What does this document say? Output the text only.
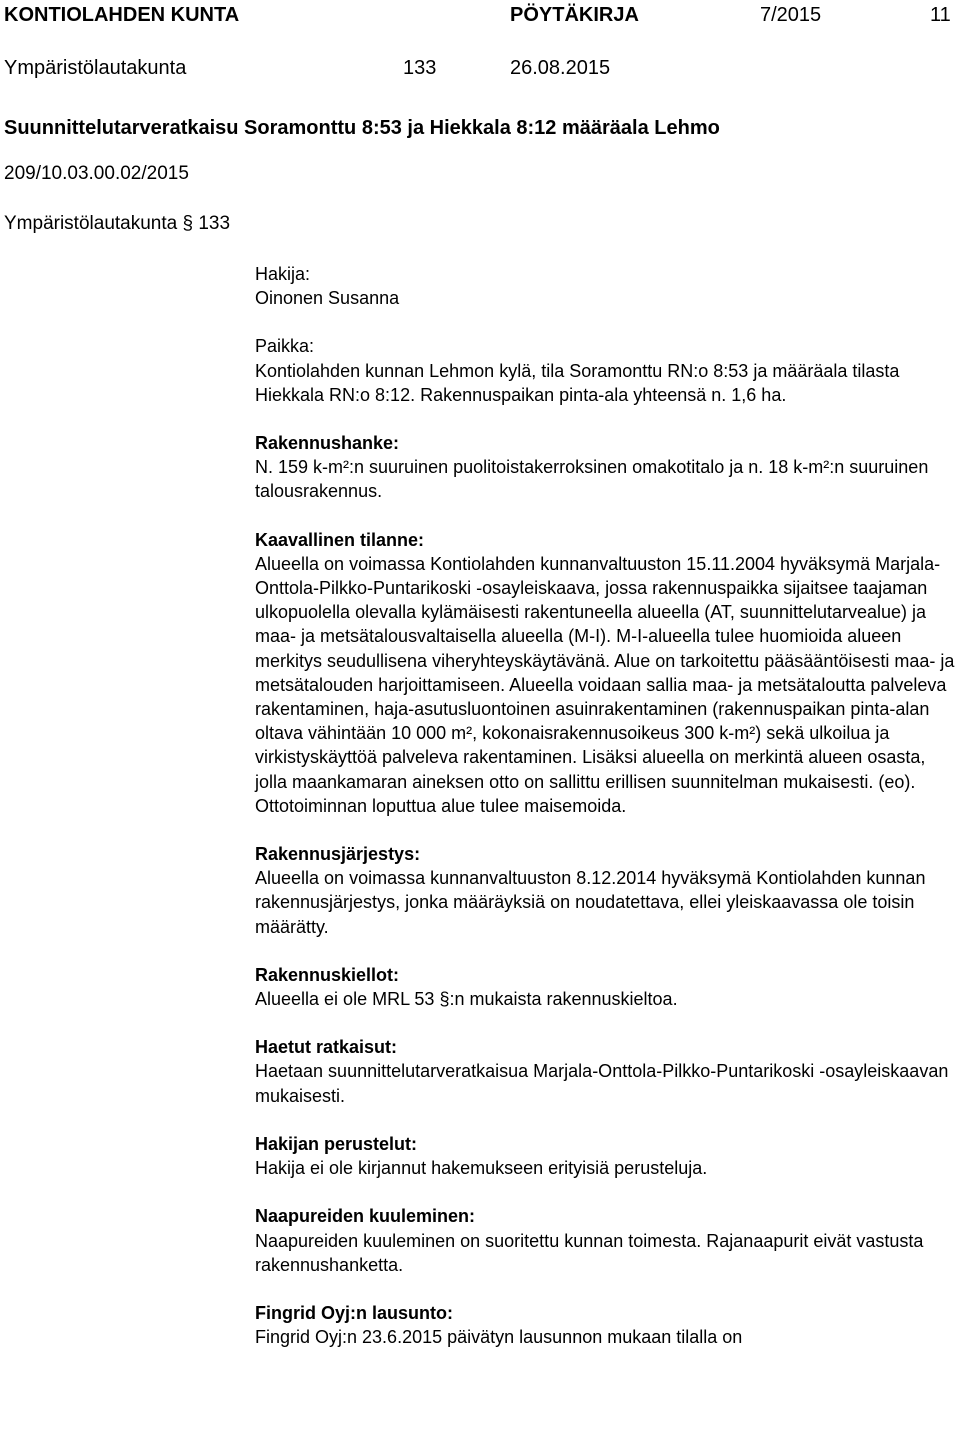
KONTIOLAHDEN KUNTA	PÖYTÄKIRJA	7/2015	11
Ympäristölautakunta	133	26.08.2015
Suunnittelutarveratkaisu Soramonttu 8:53 ja Hiekkala 8:12 määräala Lehmo
209/10.03.00.02/2015
Ympäristölautakunta § 133
Hakija:

Oinonen Susanna

Paikka:

Kontiolahden kunnan Lehmon kylä, tila Soramonttu RN:o 8:53 ja määräala tilasta Hiekkala RN:o 8:12. Rakennuspaikan pinta-ala yhteensä n. 1,6 ha.

Rakennushanke:

N. 159 k-m²:n suuruinen puolitoistakerroksinen omakotitalo ja n. 18 k-m²:n suuruinen talousrakennus.

Kaavallinen tilanne:

Alueella on voimassa Kontiolahden kunnanvaltuuston 15.11.2004 hyväksymä Marjala-Onttola-Pilkko-Puntarikoski -osayleiskaava, jossa rakennuspaikka sijaitsee taajaman ulkopuolella olevalla kylämäisesti rakentuneella alueella (AT, suunnittelutarvealue) ja maa- ja metsätalousvaltaisella alueella (M-I). M-I-alueella tulee huomioida alueen merkitys seudullisena viheryhteyskäytävänä. Alue on tarkoitettu pääsääntöisesti maa- ja metsätalouden harjoittamiseen. Alueella voidaan sallia maa- ja metsätaloutta palveleva rakentaminen, haja-asutusluontoinen asuinrakentaminen (rakennuspaikan pinta-alan oltava vähintään 10 000 m², kokonaisrakennusoikeus 300 k-m²) sekä ulkoilua ja virkistyskäyttöä palveleva rakentaminen. Lisäksi alueella on merkintä alueen osasta, jolla maankamaran aineksen otto on sallittu erillisen suunnitelman mukaisesti. (eo). Ottotoiminnan loputtua alue tulee maisemoida.

Rakennusjärjestys:

Alueella on voimassa kunnanvaltuuston 8.12.2014 hyväksymä Kontiolahden kunnan rakennusjärjestys, jonka määräyksiä on noudatettava, ellei yleiskaavassa ole toisin määrätty.

Rakennuskiellot:

Alueella ei ole MRL 53 §:n mukaista rakennuskieltoa.

Haetut ratkaisut:

Haetaan suunnittelutarveratkaisua Marjala-Onttola-Pilkko-Puntarikoski -osayleiskaavan mukaisesti.

Hakijan perustelut:

Hakija ei ole kirjannut hakemukseen erityisiä perusteluja.

Naapureiden kuuleminen:

Naapureiden kuuleminen on suoritettu kunnan toimesta. Rajanaapurit eivät vastusta rakennushanketta.

Fingrid Oyj:n lausunto:

Fingrid Oyj:n 23.6.2015 päivätyn lausunnon mukaan tilalla on
